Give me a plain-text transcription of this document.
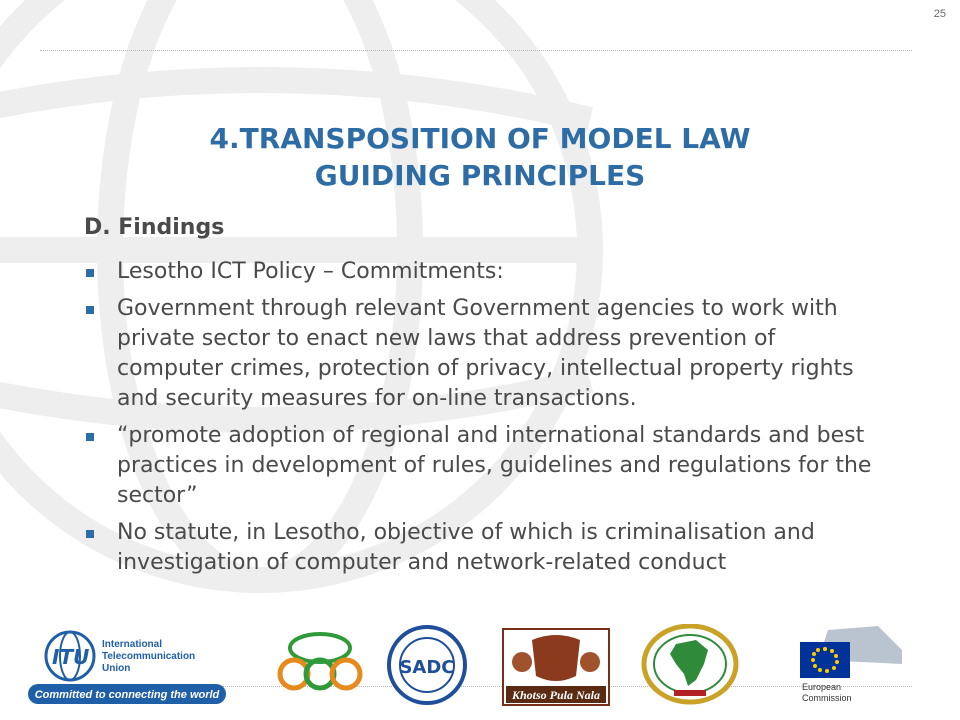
25
4.TRANSPOSITION OF MODEL LAW
GUIDING PRINCIPLES
D. Findings
Lesotho ICT Policy – Commitments:
Government through relevant Government agencies to work with private sector to enact new laws that address prevention of computer crimes, protection of privacy, intellectual property rights and security measures for on-line transactions.
“promote adoption of regional and international standards and best practices in development of rules, guidelines and regulations for the sector”
No statute, in Lesotho, objective of which is criminalisation and investigation of computer and network-related conduct
ITU
International
Telecommunication
Union
Committed to connecting the world
SADC
Khotso Pula Nala
European
Commission
